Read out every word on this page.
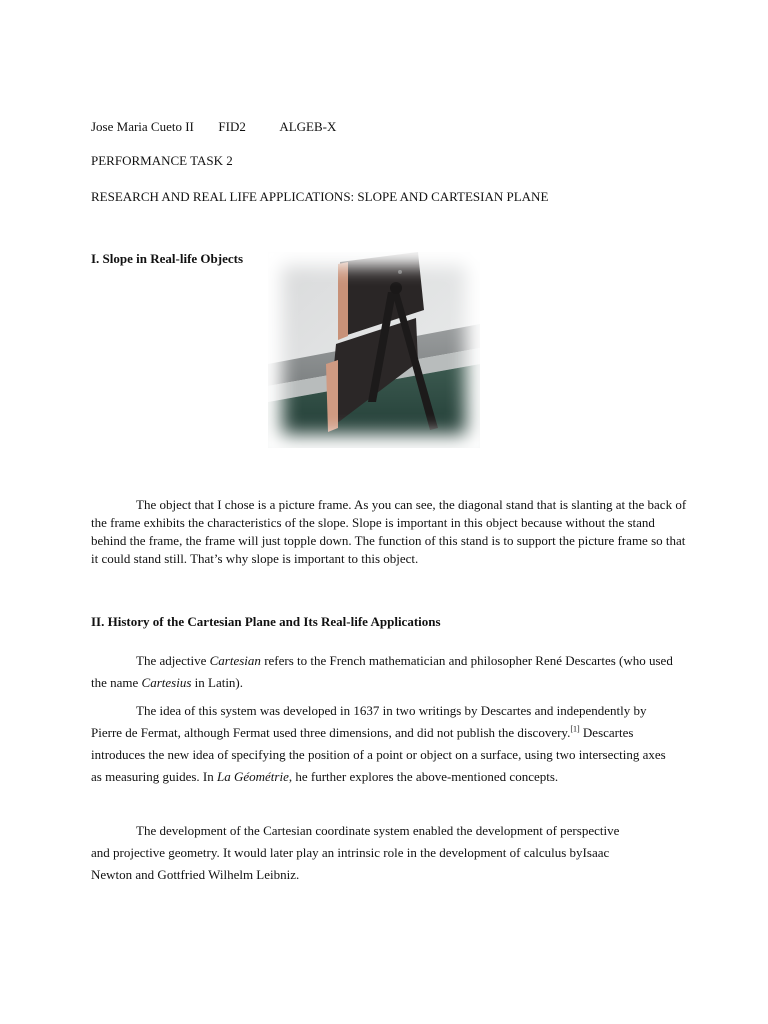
Jose Maria Cueto II FID2	ALGEB-X
PERFORMANCE TASK 2
RESEARCH AND REAL LIFE APPLICATIONS: SLOPE AND CARTESIAN PLANE
I. Slope in Real-life Objects

The object that I chose is a picture frame. As you can see, the diagonal stand that is slanting at the back of the frame exhibits the characteristics of the slope. Slope is important in this object because without the stand behind the frame, the frame will just topple down. The function of this stand is to support the picture frame so that it could stand still. That’s why slope is important to this object.

II. History of the Cartesian Plane and Its Real-life Applications

The adjective Cartesian refers to the French mathematician and philosopher René Descartes (who used the name Cartesius in Latin).

The idea of this system was developed in 1637 in two writings by Descartes and independently by Pierre de Fermat, although Fermat used three dimensions, and did not publish the discovery.[1] Descartes introduces the new idea of specifying the position of a point or object on a surface, using two intersecting axes as measuring guides. In La Géométrie, he further explores the above-mentioned concepts.

The development of the Cartesian coordinate system enabled the development of perspective and projective geometry. It would later play an intrinsic role in the development of calculus byIsaac Newton and Gottfried Wilhelm Leibniz.
